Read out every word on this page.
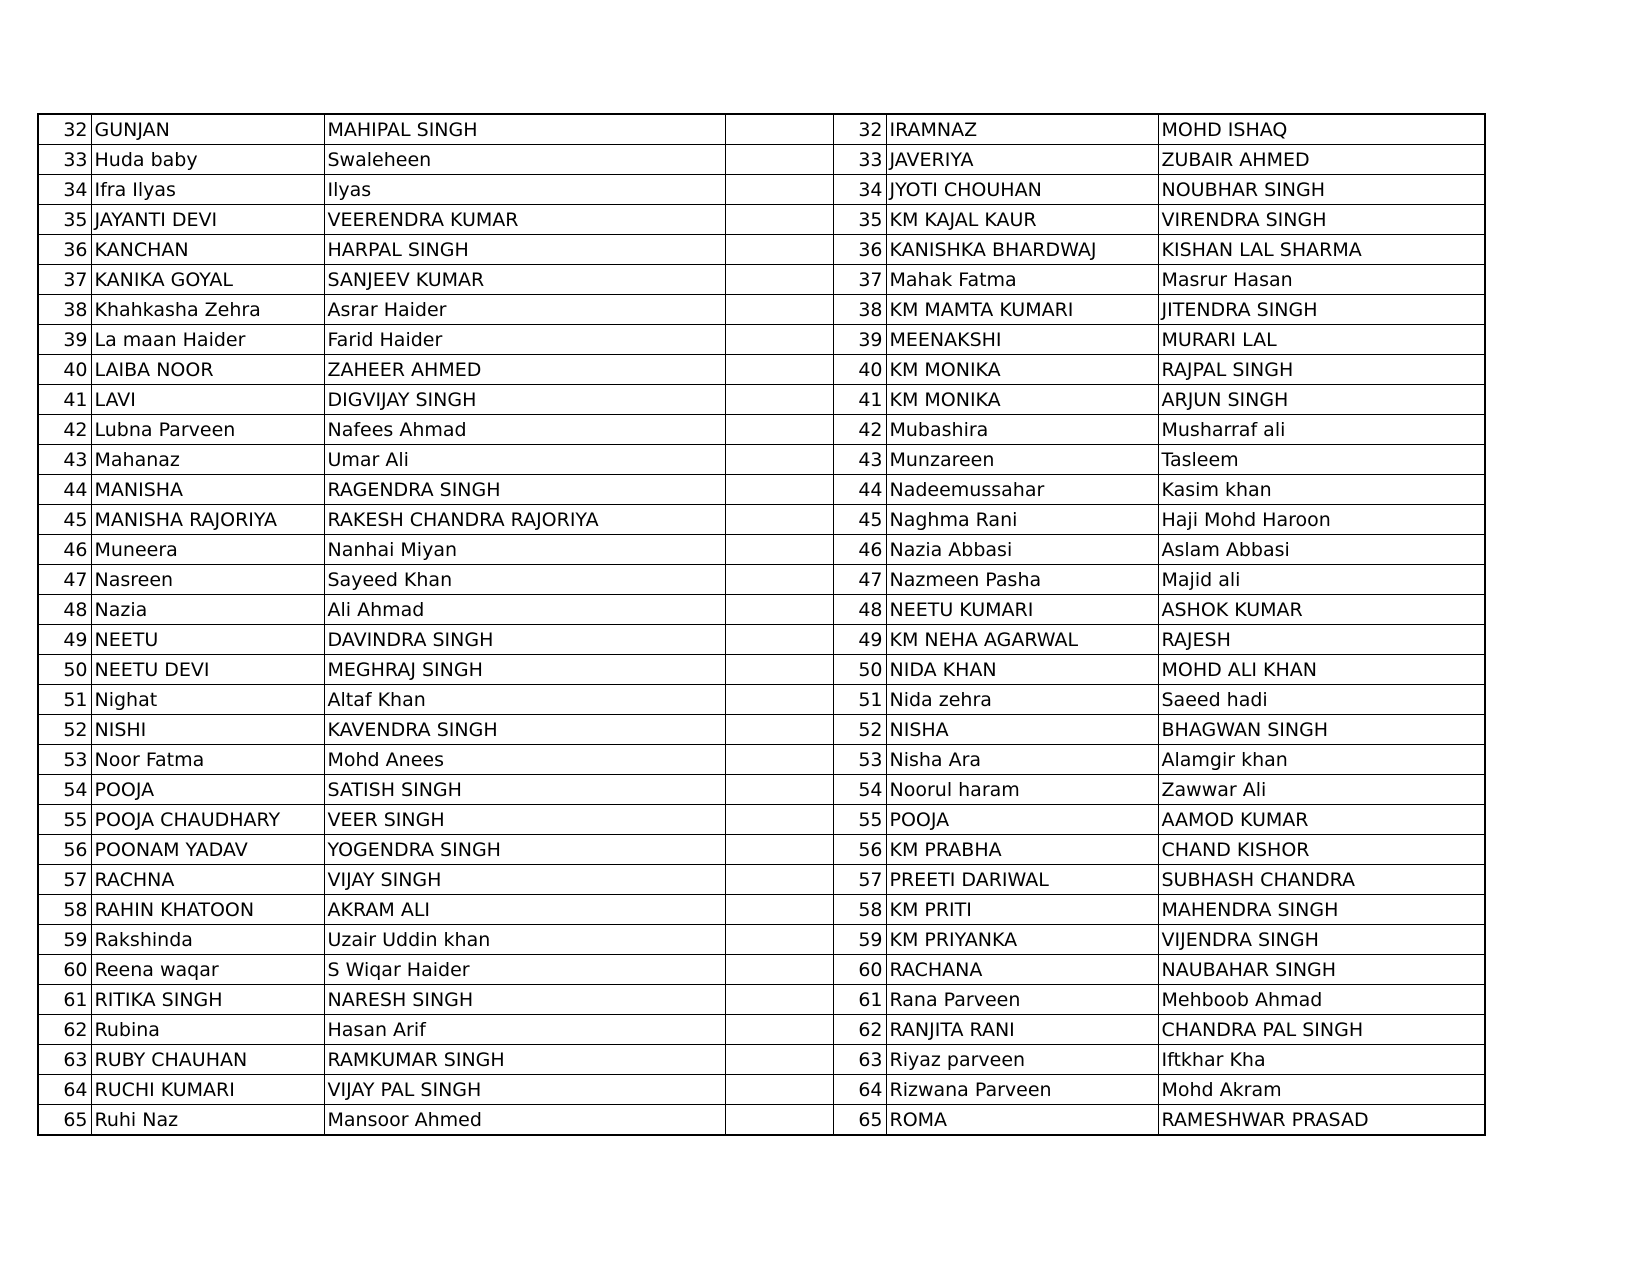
32	GUNJAN	MAHIPAL SINGH		32	IRAMNAZ	MOHD ISHAQ
33	Huda baby	Swaleheen		33	JAVERIYA	ZUBAIR AHMED
34	Ifra Ilyas	Ilyas		34	JYOTI CHOUHAN	NOUBHAR SINGH
35	JAYANTI DEVI	VEERENDRA KUMAR		35	KM KAJAL KAUR	VIRENDRA SINGH
36	KANCHAN	HARPAL SINGH		36	KANISHKA BHARDWAJ	KISHAN LAL SHARMA
37	KANIKA GOYAL	SANJEEV KUMAR		37	Mahak Fatma	Masrur Hasan
38	Khahkasha Zehra	Asrar Haider		38	KM MAMTA KUMARI	JITENDRA SINGH
39	La maan Haider	Farid Haider		39	MEENAKSHI	MURARI LAL
40	LAIBA NOOR	ZAHEER AHMED		40	KM MONIKA	RAJPAL SINGH
41	LAVI	DIGVIJAY SINGH		41	KM MONIKA	ARJUN SINGH
42	Lubna Parveen	Nafees Ahmad		42	Mubashira	Musharraf ali
43	Mahanaz	Umar Ali		43	Munzareen	Tasleem
44	MANISHA	RAGENDRA SINGH		44	Nadeemussahar	Kasim khan
45	MANISHA RAJORIYA	RAKESH CHANDRA RAJORIYA		45	Naghma Rani	Haji Mohd Haroon
46	Muneera	Nanhai Miyan		46	Nazia Abbasi	Aslam Abbasi
47	Nasreen	Sayeed Khan		47	Nazmeen Pasha	Majid ali
48	Nazia	Ali Ahmad		48	NEETU KUMARI	ASHOK KUMAR
49	NEETU	DAVINDRA SINGH		49	KM NEHA AGARWAL	RAJESH
50	NEETU DEVI	MEGHRAJ SINGH		50	NIDA KHAN	MOHD ALI KHAN
51	Nighat	Altaf Khan		51	Nida zehra	Saeed hadi
52	NISHI	KAVENDRA SINGH		52	NISHA	BHAGWAN SINGH
53	Noor Fatma	Mohd Anees		53	Nisha Ara	Alamgir khan
54	POOJA	SATISH SINGH		54	Noorul haram	Zawwar Ali
55	POOJA CHAUDHARY	VEER SINGH		55	POOJA	AAMOD KUMAR
56	POONAM YADAV	YOGENDRA SINGH		56	KM PRABHA	CHAND KISHOR
57	RACHNA	VIJAY SINGH		57	PREETI DARIWAL	SUBHASH CHANDRA
58	RAHIN KHATOON	AKRAM ALI		58	KM PRITI	MAHENDRA SINGH
59	Rakshinda	Uzair Uddin khan		59	KM PRIYANKA	VIJENDRA SINGH
60	Reena waqar	S Wiqar Haider		60	RACHANA	NAUBAHAR SINGH
61	RITIKA SINGH	NARESH SINGH		61	Rana Parveen	Mehboob Ahmad
62	Rubina	Hasan Arif		62	RANJITA RANI	CHANDRA PAL SINGH
63	RUBY CHAUHAN	RAMKUMAR SINGH		63	Riyaz parveen	Iftkhar Kha
64	RUCHI KUMARI	VIJAY PAL SINGH		64	Rizwana Parveen	Mohd Akram
65	Ruhi Naz	Mansoor Ahmed		65	ROMA	RAMESHWAR PRASAD
